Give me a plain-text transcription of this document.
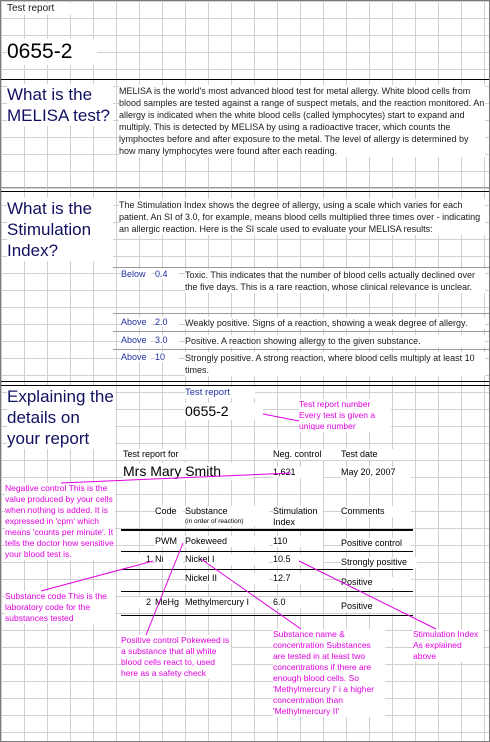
Test report
0655-2
What is the MELISA test?
MELISA is the world's most advanced blood test for metal allergy. White blood cells from blood samples are tested against a range of suspect metals, and the reaction monitored. An allergy is indicated when the white blood cells (called lymphocytes) start to expand and multiply. This is detected by MELISA by using a radioactive tracer, which counts the lymphoctes before and after exposure to the metal. The level of allergy is determined by how many lymphocytes were found after each reading.
What is the Stimulation Index?
The Stimulation Index shows the degree of allergy, using a scale which varies for each patient. An SI of 3.0, for example, means blood cells multiplied three times over - indicating an allergic reaction. Here is the SI scale used to evaluate your MELISA results:
Below	0.4	Toxic. This indicates that the number of blood cells actually declined over the five days. This is a rare reaction, whose clinical relevance is unclear.
Above 2.0	Weakly positive. Signs of a reaction, showing a weak degree of allergy.
Above 3.0	Positive. A reaction showing allergy to the given substance.
Above 10	Strongly positive. A strong reaction, where blood cells multiply at least 10 times.
Explaining the details on your report
Test report
0655-2	Test report number Every test is given a unique number
Test report for	Neg. control	Test date
Mrs Mary Smith	1,621	May 20, 2007
Code Substance
(in order of reaction)
Stimulation Index
Comments
PWM Pokeweed	110	Positive control
1 Ni	Nickel I	10.5	Strongly positive
Nickel II	12.7	Positive
2 MeHg Methylmercury I	6.0	Positive
Negative control This is the value produced by your cells when nothing is added. It is expressed in 'cpm' which means 'counts per minute'. It tells the doctor how sensitive your blood test is.
Substance code This is the laboratory code for the substances tested
Positive control Pokeweed is a substance that all white blood cells react to, used here as a safety check
Substance name & concentration Substances are tested in at least two concentrations if there are enough blood cells. So 'Methylmercury I' i a higher concentration than 'Methylmercury II'
Stimulation Index As explained above
